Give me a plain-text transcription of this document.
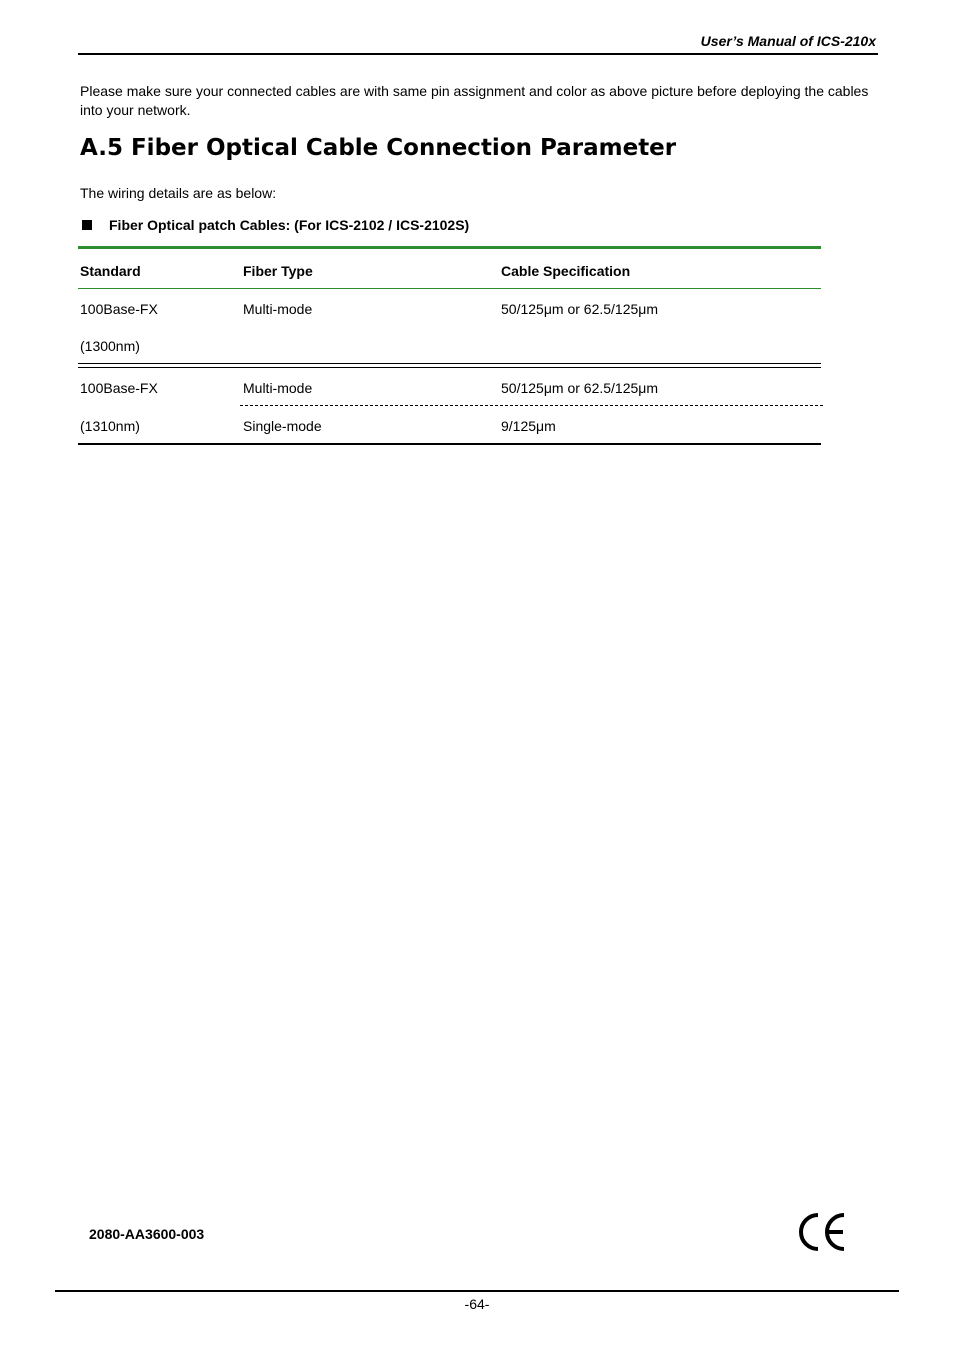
User’s Manual of ICS-210x
Please make sure your connected cables are with same pin assignment and color as above picture before deploying the cables into your network.
A.5 Fiber Optical Cable Connection Parameter
The wiring details are as below:
Fiber Optical patch Cables: (For ICS-2102 / ICS-2102S)
Standard	Fiber Type	Cable Specification
100Base-FX	Multi-mode	50/125μm or 62.5/125μm
(1300nm)
100Base-FX	Multi-mode	50/125μm or 62.5/125μm
(1310nm)	Single-mode	9/125μm
2080-AA3600-003
-64-
